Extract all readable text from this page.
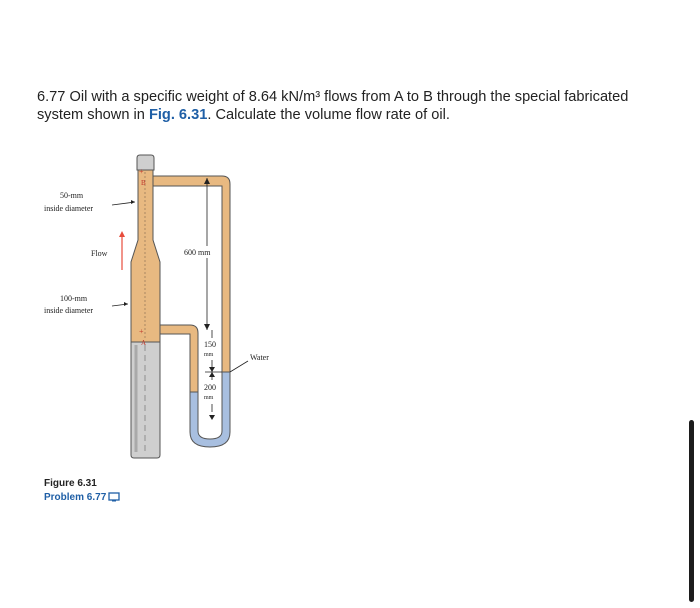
6.77 Oil with a specific weight of 8.64 kN/m³ flows from A to B through the special fabricated system shown in Fig. 6.31. Calculate the volume flow rate of oil.
B
A
+
+
50-mm
inside diameter
Flow
100-mm
inside diameter
600 mm
150
mm
200
mm
Water
Figure 6.31
Problem 6.77
